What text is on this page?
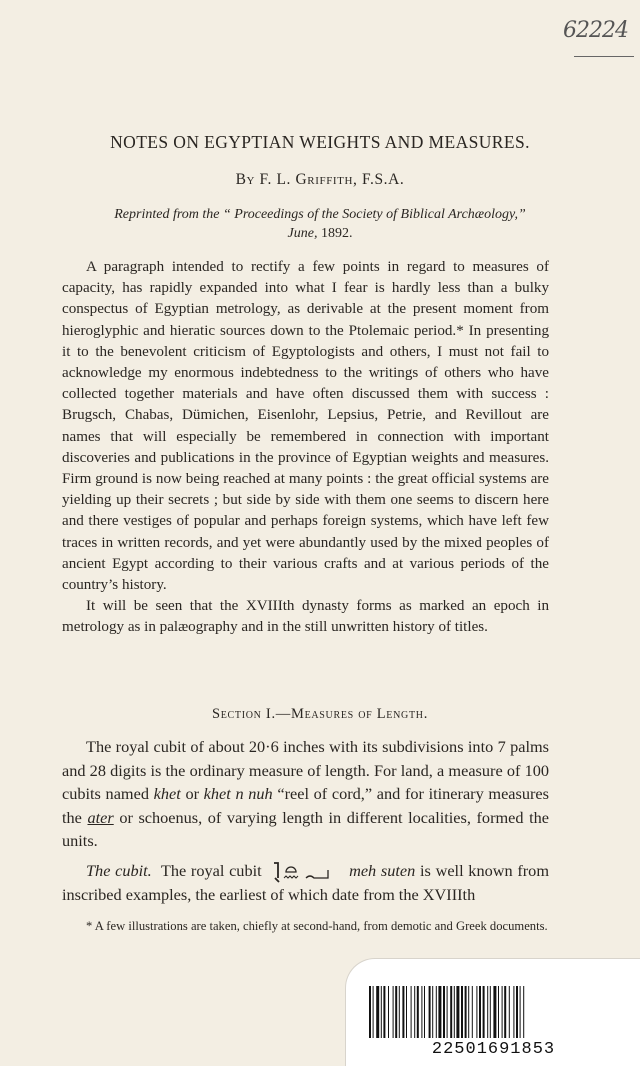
62224
NOTES ON EGYPTIAN WEIGHTS AND MEASURES.
By F. L. Griffith, F.S.A.
Reprinted from the “ Proceedings of the Society of Biblical Archæology,”
June, 1892.

A paragraph intended to rectify a few points in regard to measures of capacity, has rapidly expanded into what I fear is hardly less than a bulky conspectus of Egyptian metrology, as derivable at the present moment from hieroglyphic and hieratic sources down to the Ptolemaic period.* In presenting it to the benevolent criticism of Egyptologists and others, I must not fail to acknowledge my enormous indebtedness to the writings of others who have collected together materials and have often discussed them with success : Brugsch, Chabas, Dümichen, Eisenlohr, Lepsius, Petrie, and Revillout are names that will especially be remembered in connection with important discoveries and publications in the province of Egyptian weights and measures. Firm ground is now being reached at many points : the great official systems are yielding up their secrets ; but side by side with them one seems to discern here and there vestiges of popular and perhaps foreign systems, which have left few traces in written records, and yet were abundantly used by the mixed peoples of ancient Egypt according to their various crafts and at various periods of the country’s history.

It will be seen that the XVIIIth dynasty forms as marked an epoch in metrology as in palæography and in the still unwritten history of titles.

Section I.—Measures of Length.

The royal cubit of about 20·6 inches with its subdivisions into 7 palms and 28 digits is the ordinary measure of length. For land, a measure of 100 cubits named khet or khet n nuh “reel of cord,” and for itinerary measures the ater or schoenus, of varying length in different localities, formed the units.

The cubit. The royal cubit	meh suten is well known from inscribed examples, the earliest of which date from the XVIIIth

* A few illustrations are taken, chiefly at second-hand, from demotic and Greek documents.

22501691853
